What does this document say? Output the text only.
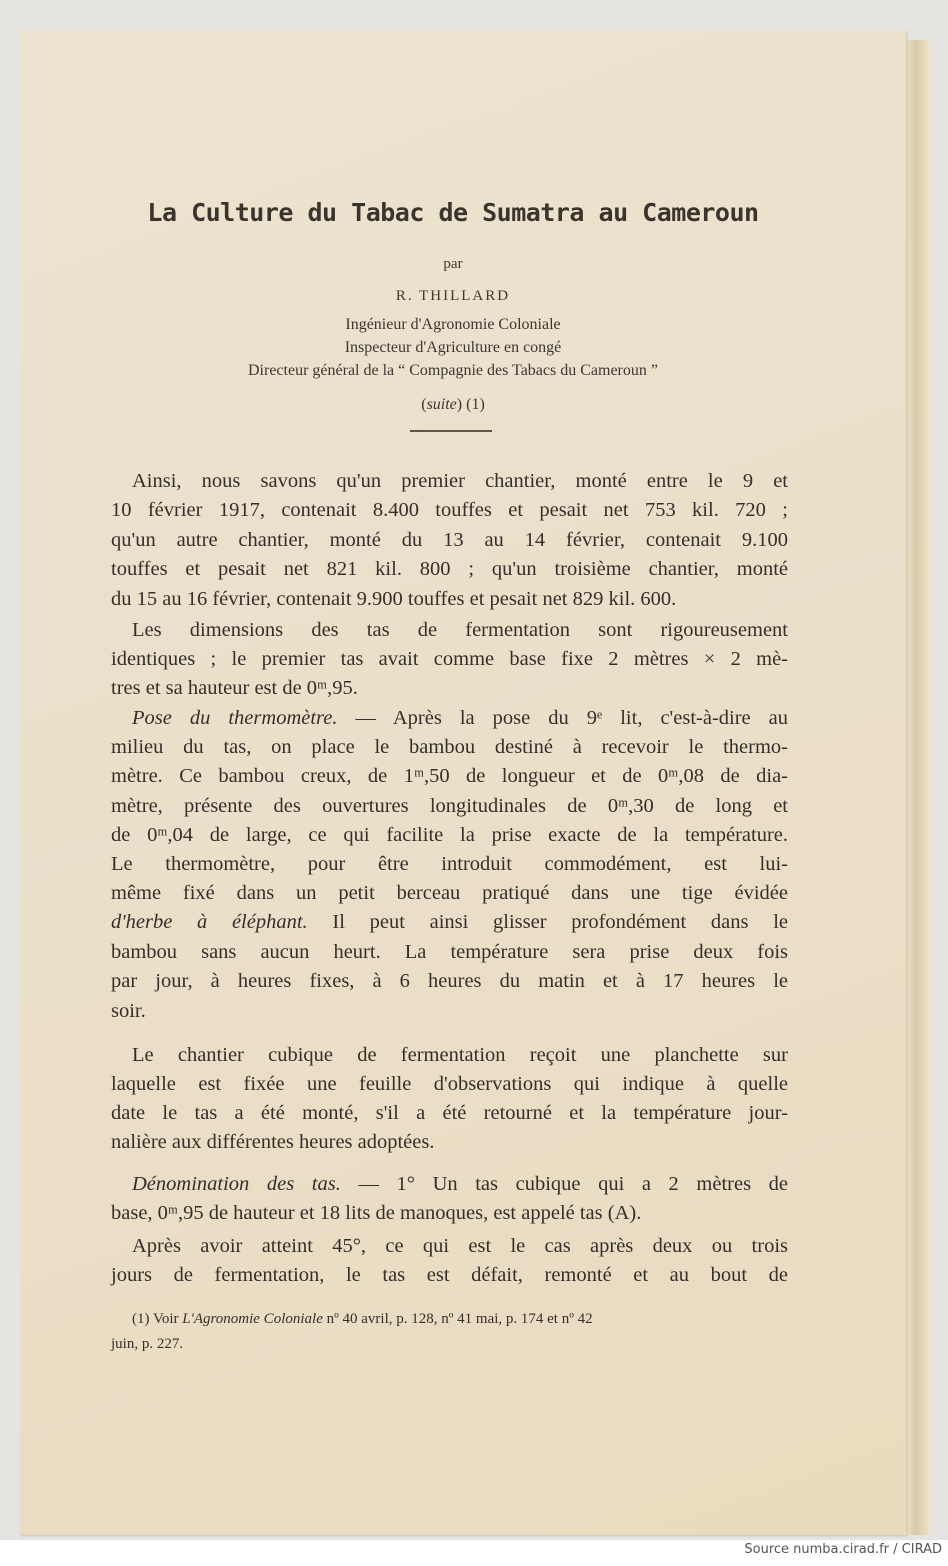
La Culture du Tabac de Sumatra au Cameroun
par
R. THILLARD
Ingénieur d'Agronomie Coloniale
Inspecteur d'Agriculture en congé
Directeur général de la “ Compagnie des Tabacs du Cameroun ”
(suite) (1)
Ainsi, nous savons qu'un premier chantier, monté entre le 9 et
10 février 1917, contenait 8.400 touffes et pesait net 753 kil. 720 ;
qu'un autre chantier, monté du 13 au 14 février, contenait 9.100
touffes et pesait net 821 kil. 800 ; qu'un troisième chantier, monté
du 15 au 16 février, contenait 9.900 touffes et pesait net 829 kil. 600.
Les dimensions des tas de fermentation sont rigoureusement
identiques ; le premier tas avait comme base fixe 2 mètres × 2 mè-
tres et sa hauteur est de 0ᵐ,95.
Pose du thermomètre. — Après la pose du 9ᵉ lit, c'est-à-dire au
milieu du tas, on place le bambou destiné à recevoir le thermo-
mètre. Ce bambou creux, de 1ᵐ,50 de longueur et de 0ᵐ,08 de dia-
mètre, présente des ouvertures longitudinales de 0ᵐ,30 de long et
de 0ᵐ,04 de large, ce qui facilite la prise exacte de la température.
Le thermomètre, pour être introduit commodément, est lui-
même fixé dans un petit berceau pratiqué dans une tige évidée
d'herbe à éléphant. Il peut ainsi glisser profondément dans le
bambou sans aucun heurt. La température sera prise deux fois
par jour, à heures fixes, à 6 heures du matin et à 17 heures le
soir.
Le chantier cubique de fermentation reçoit une planchette sur
laquelle est fixée une feuille d'observations qui indique à quelle
date le tas a été monté, s'il a été retourné et la température jour-
nalière aux différentes heures adoptées.
Dénomination des tas. — 1° Un tas cubique qui a 2 mètres de
base, 0ᵐ,95 de hauteur et 18 lits de manoques, est appelé tas (A).
Après avoir atteint 45°, ce qui est le cas après deux ou trois
jours de fermentation, le tas est défait, remonté et au bout de
(1) Voir L'Agronomie Coloniale nº 40 avril, p. 128, nº 41 mai, p. 174 et nº 42
juin, p. 227.
Source numba.cirad.fr / CIRAD
